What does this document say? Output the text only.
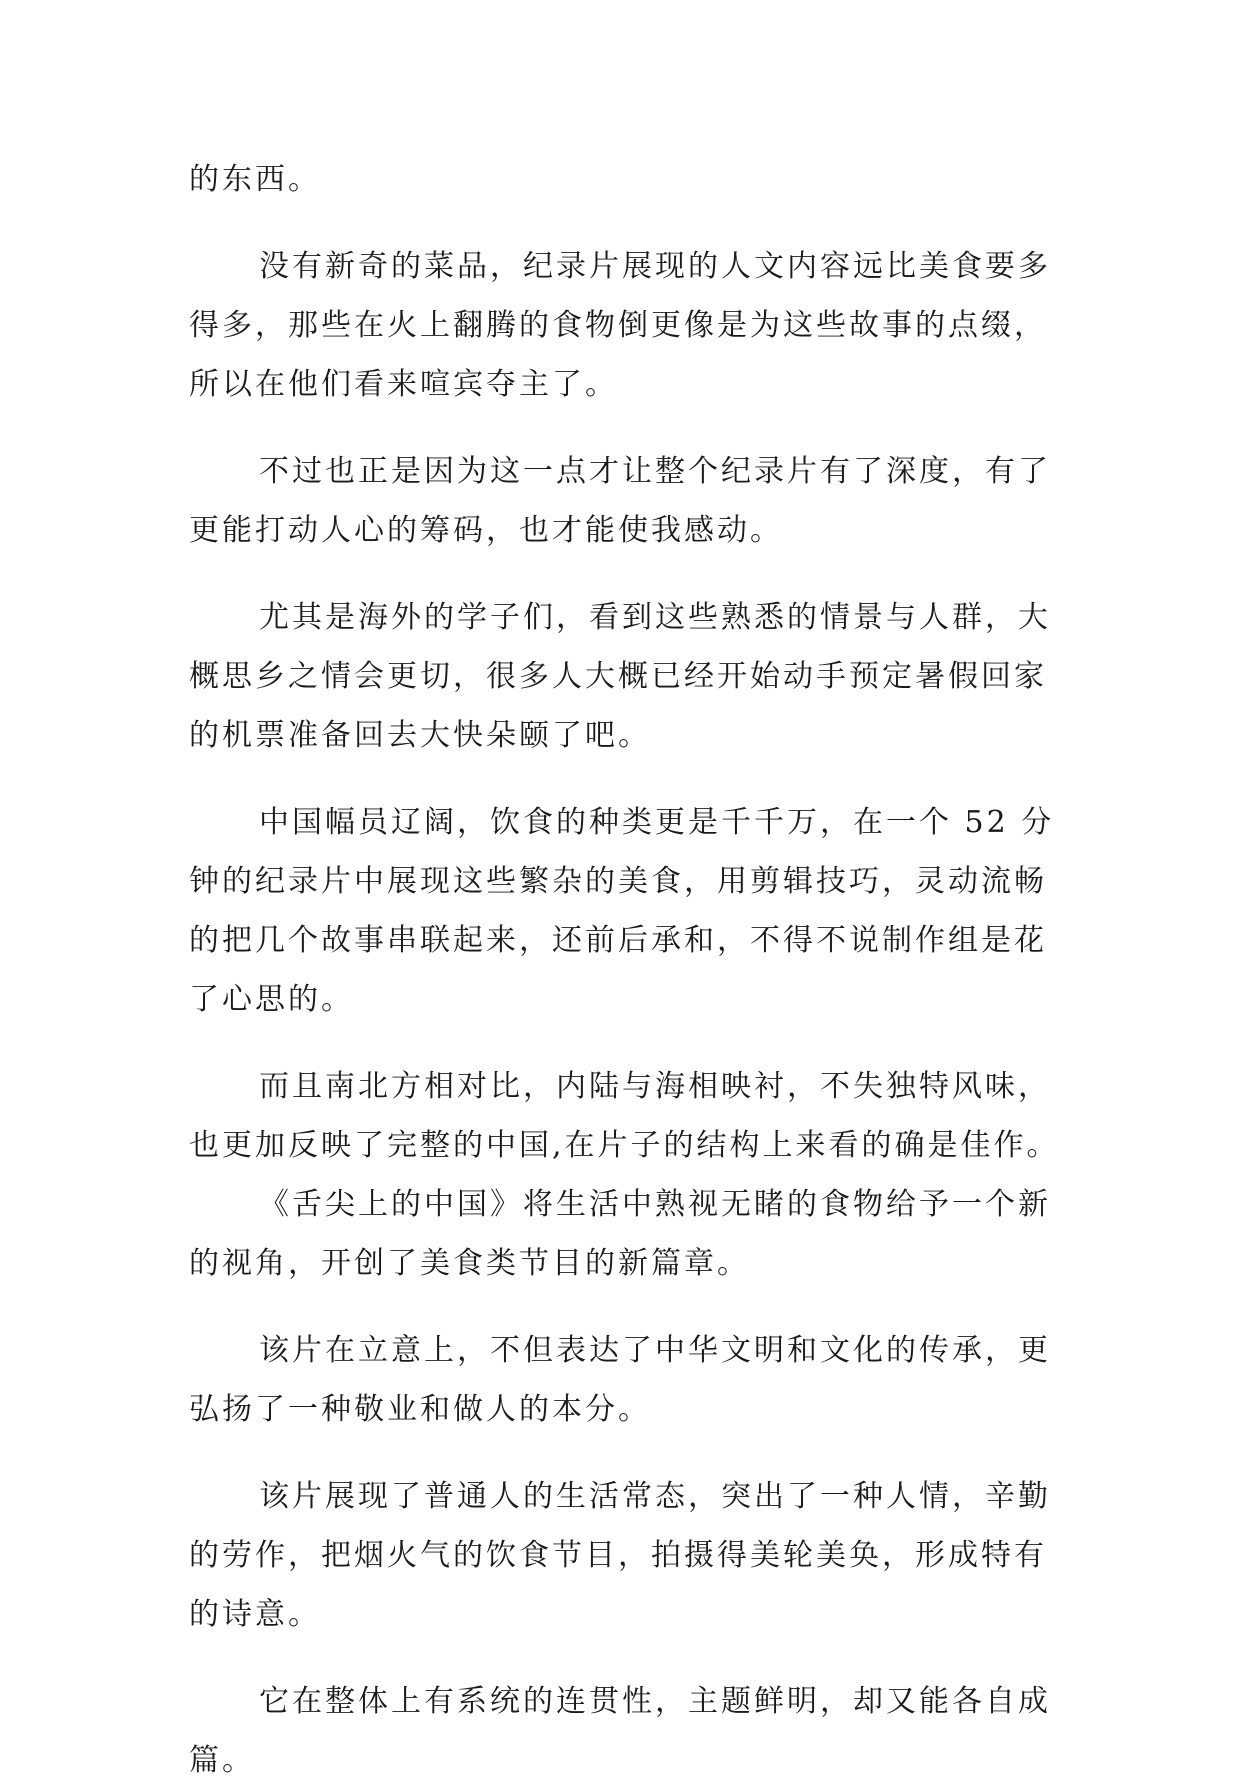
的东西。
没有新奇的菜品，纪录片展现的人文内容远比美食要多
得多，那些在火上翻腾的食物倒更像是为这些故事的点缀，
所以在他们看来喧宾夺主了。
不过也正是因为这一点才让整个纪录片有了深度，有了
更能打动人心的筹码，也才能使我感动。
尤其是海外的学子们，看到这些熟悉的情景与人群，大
概思乡之情会更切，很多人大概已经开始动手预定暑假回家
的机票准备回去大快朵颐了吧。
中国幅员辽阔，饮食的种类更是千千万，在一个 52 分
钟的纪录片中展现这些繁杂的美食，用剪辑技巧，灵动流畅
的把几个故事串联起来，还前后承和，不得不说制作组是花
了心思的。
而且南北方相对比，内陆与海相映衬，不失独特风味，
也更加反映了完整的中国,在片子的结构上来看的确是佳作。
《舌尖上的中国》将生活中熟视无睹的食物给予一个新
的视角，开创了美食类节目的新篇章。
该片在立意上，不但表达了中华文明和文化的传承，更
弘扬了一种敬业和做人的本分。
该片展现了普通人的生活常态，突出了一种人情，辛勤
的劳作，把烟火气的饮食节目，拍摄得美轮美奂，形成特有
的诗意。
它在整体上有系统的连贯性，主题鲜明，却又能各自成
篇。
